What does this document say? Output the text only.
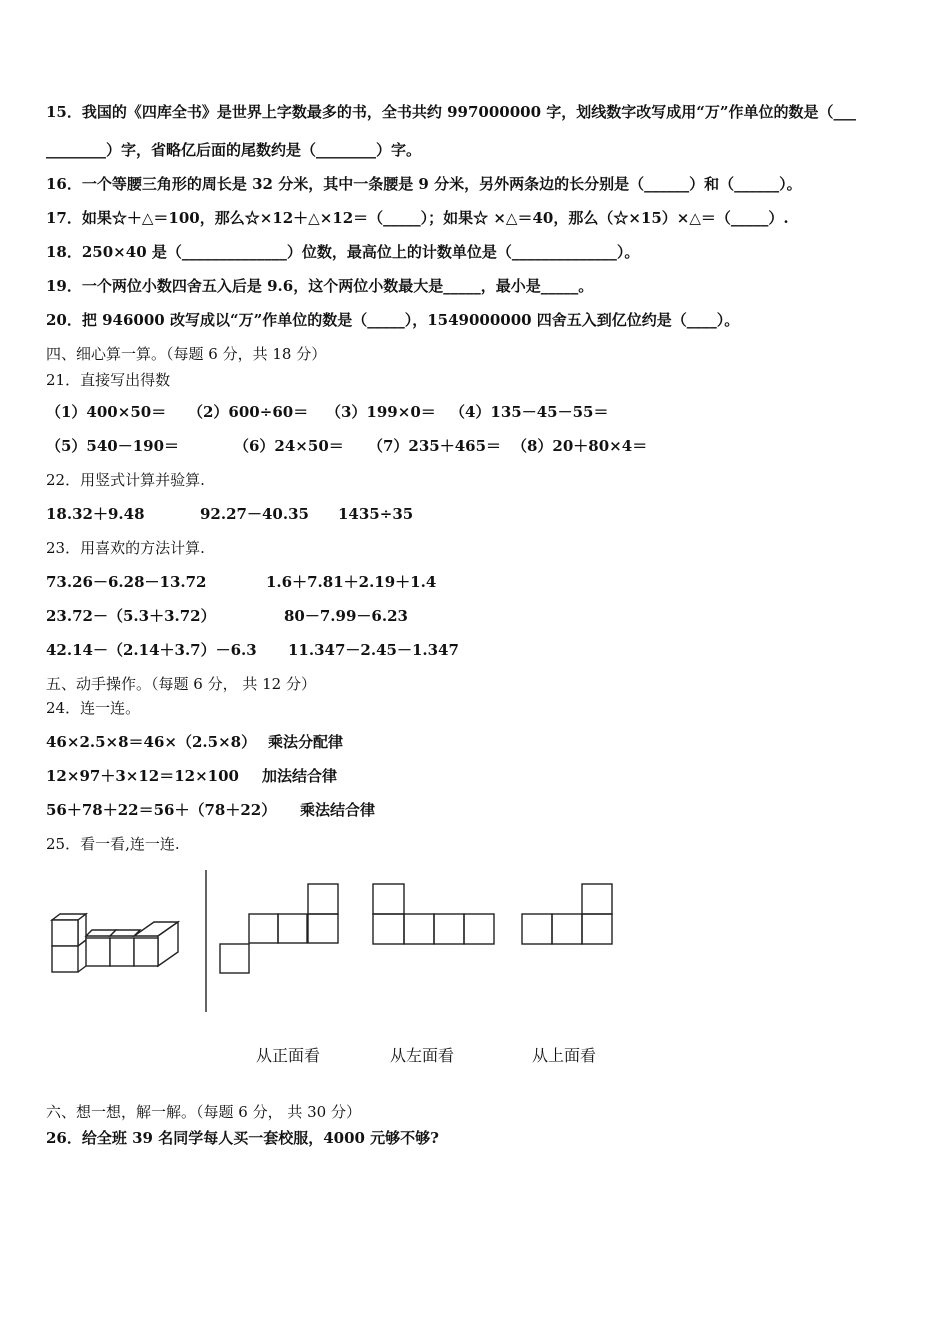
15．我国的《四库全书》是世界上字数最多的书，全书共约 997000000 字，划线数字改写成用“万”作单位的数是（___
________）字，省略亿后面的尾数约是（________）字。
16．一个等腰三角形的周长是 32 分米，其中一条腰是 9 分米，另外两条边的长分别是（______）和（______）。
17．如果☆＋△＝100，那么☆×12＋△×12＝（_____）；如果☆ ×△＝40，那么（☆×15）×△＝（_____）.
18．250×40 是（______________）位数，最高位上的计数单位是（______________）。
19．一个两位小数四舍五入后是 9.6，这个两位小数最大是_____，最小是_____。
20．把 946000 改写成以“万”作单位的数是（_____），1549000000 四舍五入到亿位约是（____）。
四、细心算一算。（每题 6 分，共 18 分）
21．直接写出得数
（1）400×50＝ （2）600÷60＝ （3）199×0＝ （4）135－45－55＝
（5）540－190＝	（6）24×50＝ （7）235＋465＝ （8）20＋80×4＝
22．用竖式计算并验算.
18.32＋9.48	92.27－40.35 1435÷35
23．用喜欢的方法计算.
73.26－6.28－13.72	1.6＋7.81＋2.19＋1.4
23.72－（5.3＋3.72）	80－7.99－6.23
42.14－（2.14＋3.7）－6.3 11.347－2.45－1.347
五、动手操作。（每题 6 分， 共 12 分）
24．连一连。
46×2.5×8＝46×（2.5×8） 乘法分配律
12×97＋3×12＝12×100 加法结合律
56＋78＋22＝56＋（78＋22） 乘法结合律
25．看一看,连一连.
从正面看	从左面看	从上面看
六、想一想，解一解。（每题 6 分， 共 30 分）
26．给全班 39 名同学每人买一套校服，4000 元够不够?
